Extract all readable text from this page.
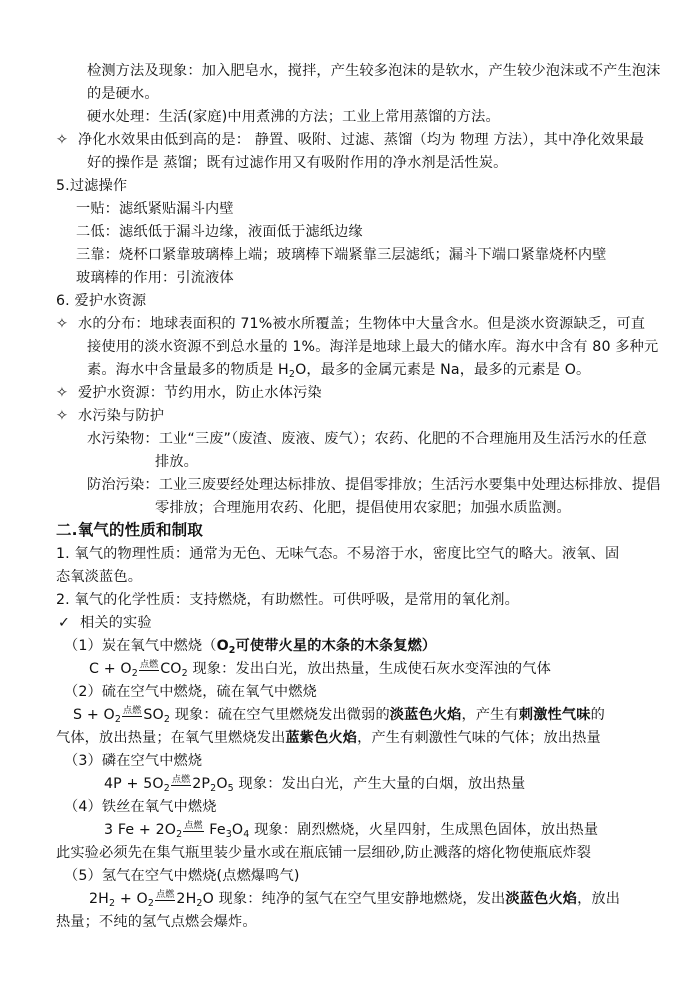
检测方法及现象：加入肥皂水，搅拌，产生较多泡沫的是软水，产生较少泡沫或不产生泡沫
的是硬水。
硬水处理：生活(家庭)中用煮沸的方法；工业上常用蒸馏的方法。
✧ 净化水效果由低到高的是： 静置、吸附、过滤、蒸馏（均为 物理 方法），其中净化效果最
好的操作是 蒸馏；既有过滤作用又有吸附作用的净水剂是活性炭。
5.过滤操作
一贴：滤纸紧贴漏斗内壁
二低：滤纸低于漏斗边缘，液面低于滤纸边缘
三靠：烧杯口紧靠玻璃棒上端；玻璃棒下端紧靠三层滤纸；漏斗下端口紧靠烧杯内壁
玻璃棒的作用：引流液体
6. 爱护水资源
✧ 水的分布：地球表面积的 71%被水所覆盖；生物体中大量含水。但是淡水资源缺乏，可直
接使用的淡水资源不到总水量的 1%。海洋是地球上最大的储水库。海水中含有 80 多种元
素。海水中含量最多的物质是 $H_2O$，最多的金属元素是 Na，最多的元素是 O。
✧ 爱护水资源：节约用水，防止水体污染
✧ 水污染与防护
水污染物：工业“三废”（废渣、废液、废气）；农药、化肥的不合理施用及生活污水的任意
排放。
防治污染：工业三废要经处理达标排放、提倡零排放；生活污水要集中处理达标排放、提倡
零排放；合理施用农药、化肥，提倡使用农家肥；加强水质监测。
二.氧气的性质和制取
1. 氧气的物理性质：通常为无色、无味气态。不易溶于水，密度比空气的略大。液氧、固
态氧淡蓝色。
2. 氧气的化学性质：支持燃烧，有助燃性。可供呼吸，是常用的氧化剂。
✓ 相关的实验
（1）炭在氧气中燃烧（$O_2$可使带火星的木条的木条复燃）
$C + O_2$点燃 $CO_2$ 现象：发出白光，放出热量，生成使石灰水变浑浊的气体
（2）硫在空气中燃烧，硫在氧气中燃烧
$S + O_2$点燃 $SO_2$ 现象：硫在空气里燃烧发出微弱的淡蓝色火焰，产生有刺激性气味的
气体，放出热量；在氧气里燃烧发出蓝紫色火焰，产生有刺激性气味的气体；放出热量
（3）磷在空气中燃烧
$4P + 5O_2$点燃 $2P_2O_5$ 现象：发出白光，产生大量的白烟，放出热量
（4）铁丝在氧气中燃烧
3 $Fe + 2O_2$点燃 $Fe_3O_4$ 现象：剧烈燃烧，火星四射，生成黑色固体，放出热量
此实验必须先在集气瓶里装少量水或在瓶底铺一层细砂,防止溅落的熔化物使瓶底炸裂
（5）氢气在空气中燃烧(点燃爆鸣气)
$2H_2 + O_2$点燃 $2H_2O$ 现象：纯净的氢气在空气里安静地燃烧，发出淡蓝色火焰，放出
热量；不纯的氢气点燃会爆炸。
